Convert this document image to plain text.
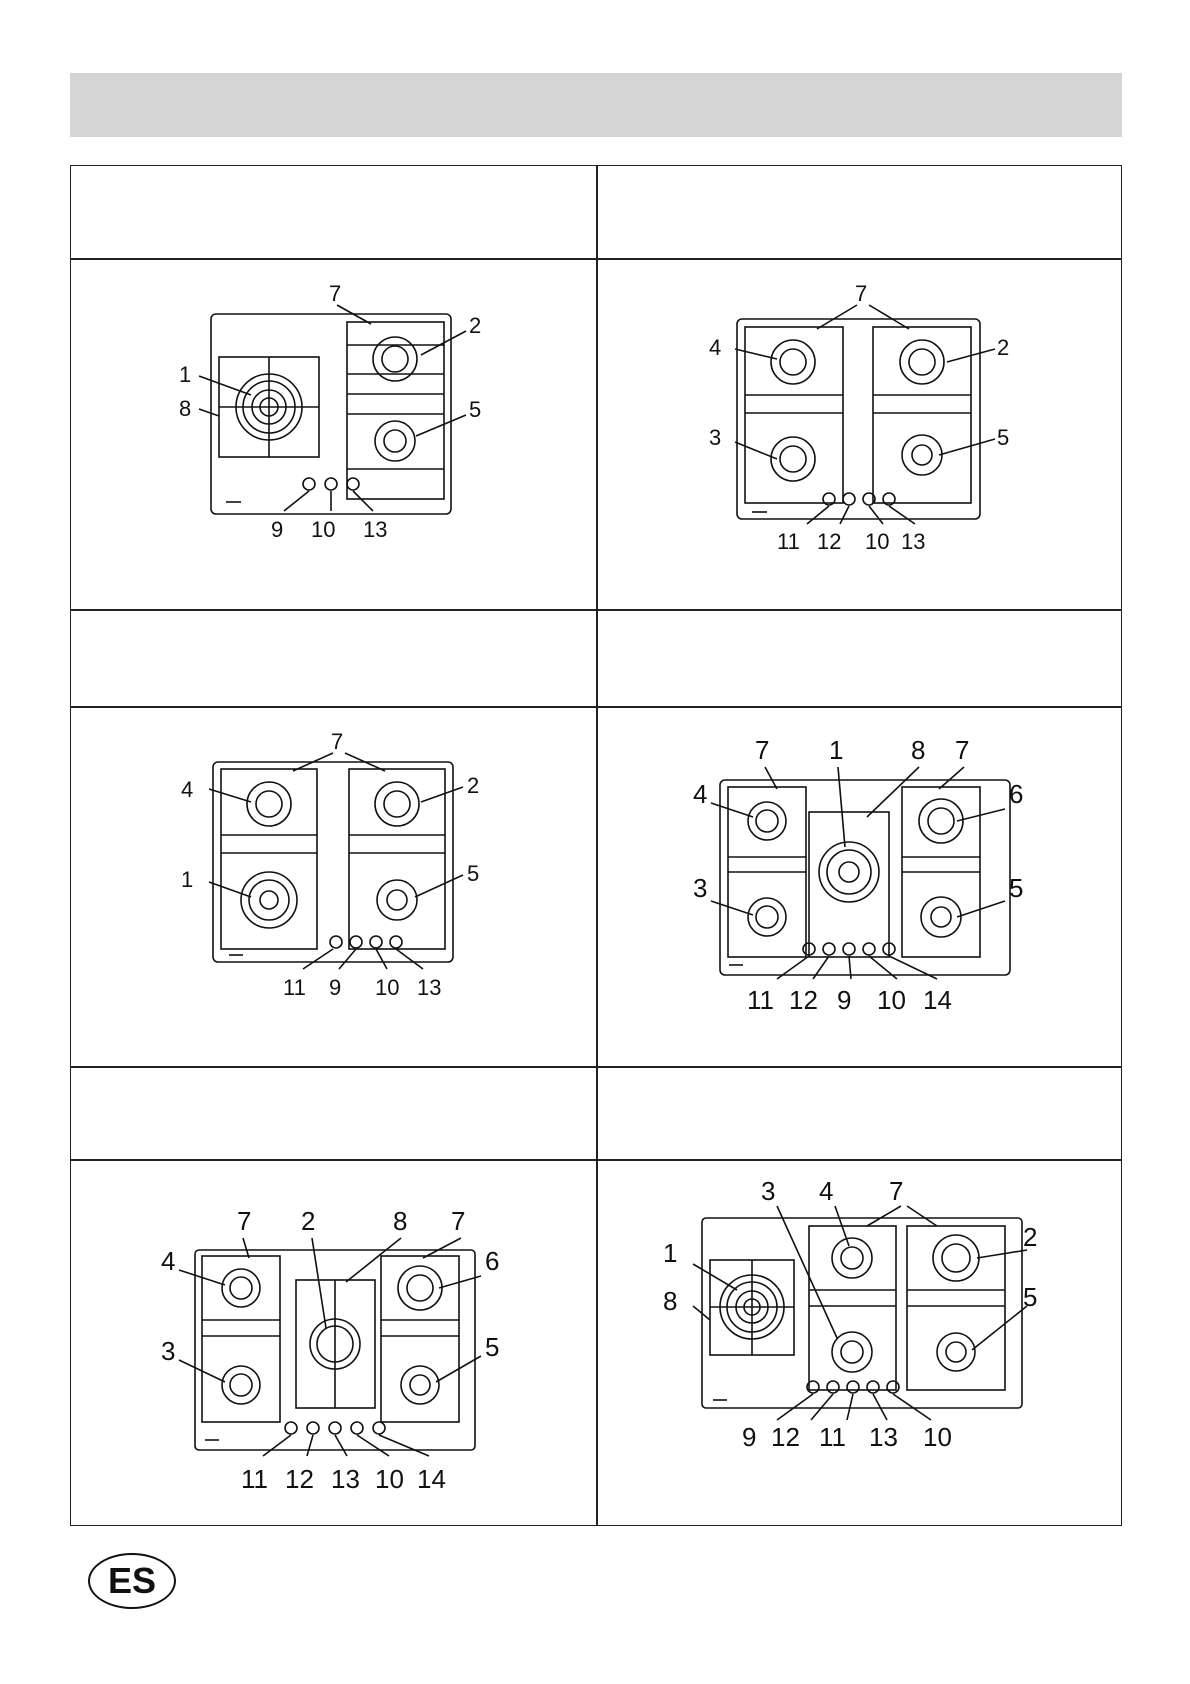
7
2
1
8	5
9 10 13
7
4	2
3	5
11 12 10 13
7
4	2
1	5
11 9 10 13
7 1	8 7
4	6
3	5
11 12 9 10 14
7 2	8 7
4	6
3	5
11 12 13 10 14
3 4 7
2
1
8	5
9 12 11 13 10
ES
